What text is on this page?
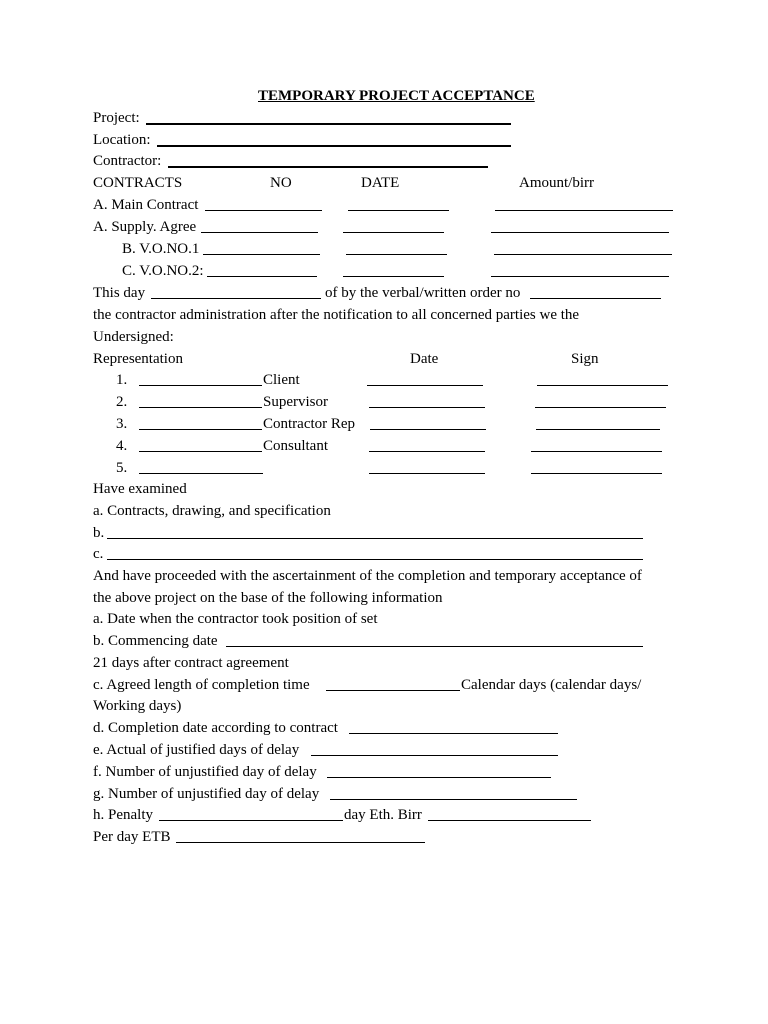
TEMPORARY PROJECT ACCEPTANCE

Project:

Location:

Contractor:

CONTRACTS	NO	DATE	Amount/birr

A. Main Contract

A. Supply. Agree

B. V.O.NO.1

C. V.O.NO.2:

This day	of by the verbal/written order no

the contractor administration after the notification to all concerned parties we the

Undersigned:

Representation	Date	Sign

1.	Client

2.	Supervisor

3.	Contractor Rep

4.	Consultant

5.

Have examined

a. Contracts, drawing, and specification

b.

c.

And have proceeded with the ascertainment of the completion and temporary acceptance of

the above project on the base of the following information

a. Date when the contractor took position of set

b. Commencing date

21 days after contract agreement

c. Agreed length of completion time	Calendar days (calendar days/

Working days)

d. Completion date according to contract

e. Actual of justified days of delay

f. Number of unjustified day of delay

g. Number of unjustified day of delay

h. Penalty	day Eth. Birr

Per day ETB
